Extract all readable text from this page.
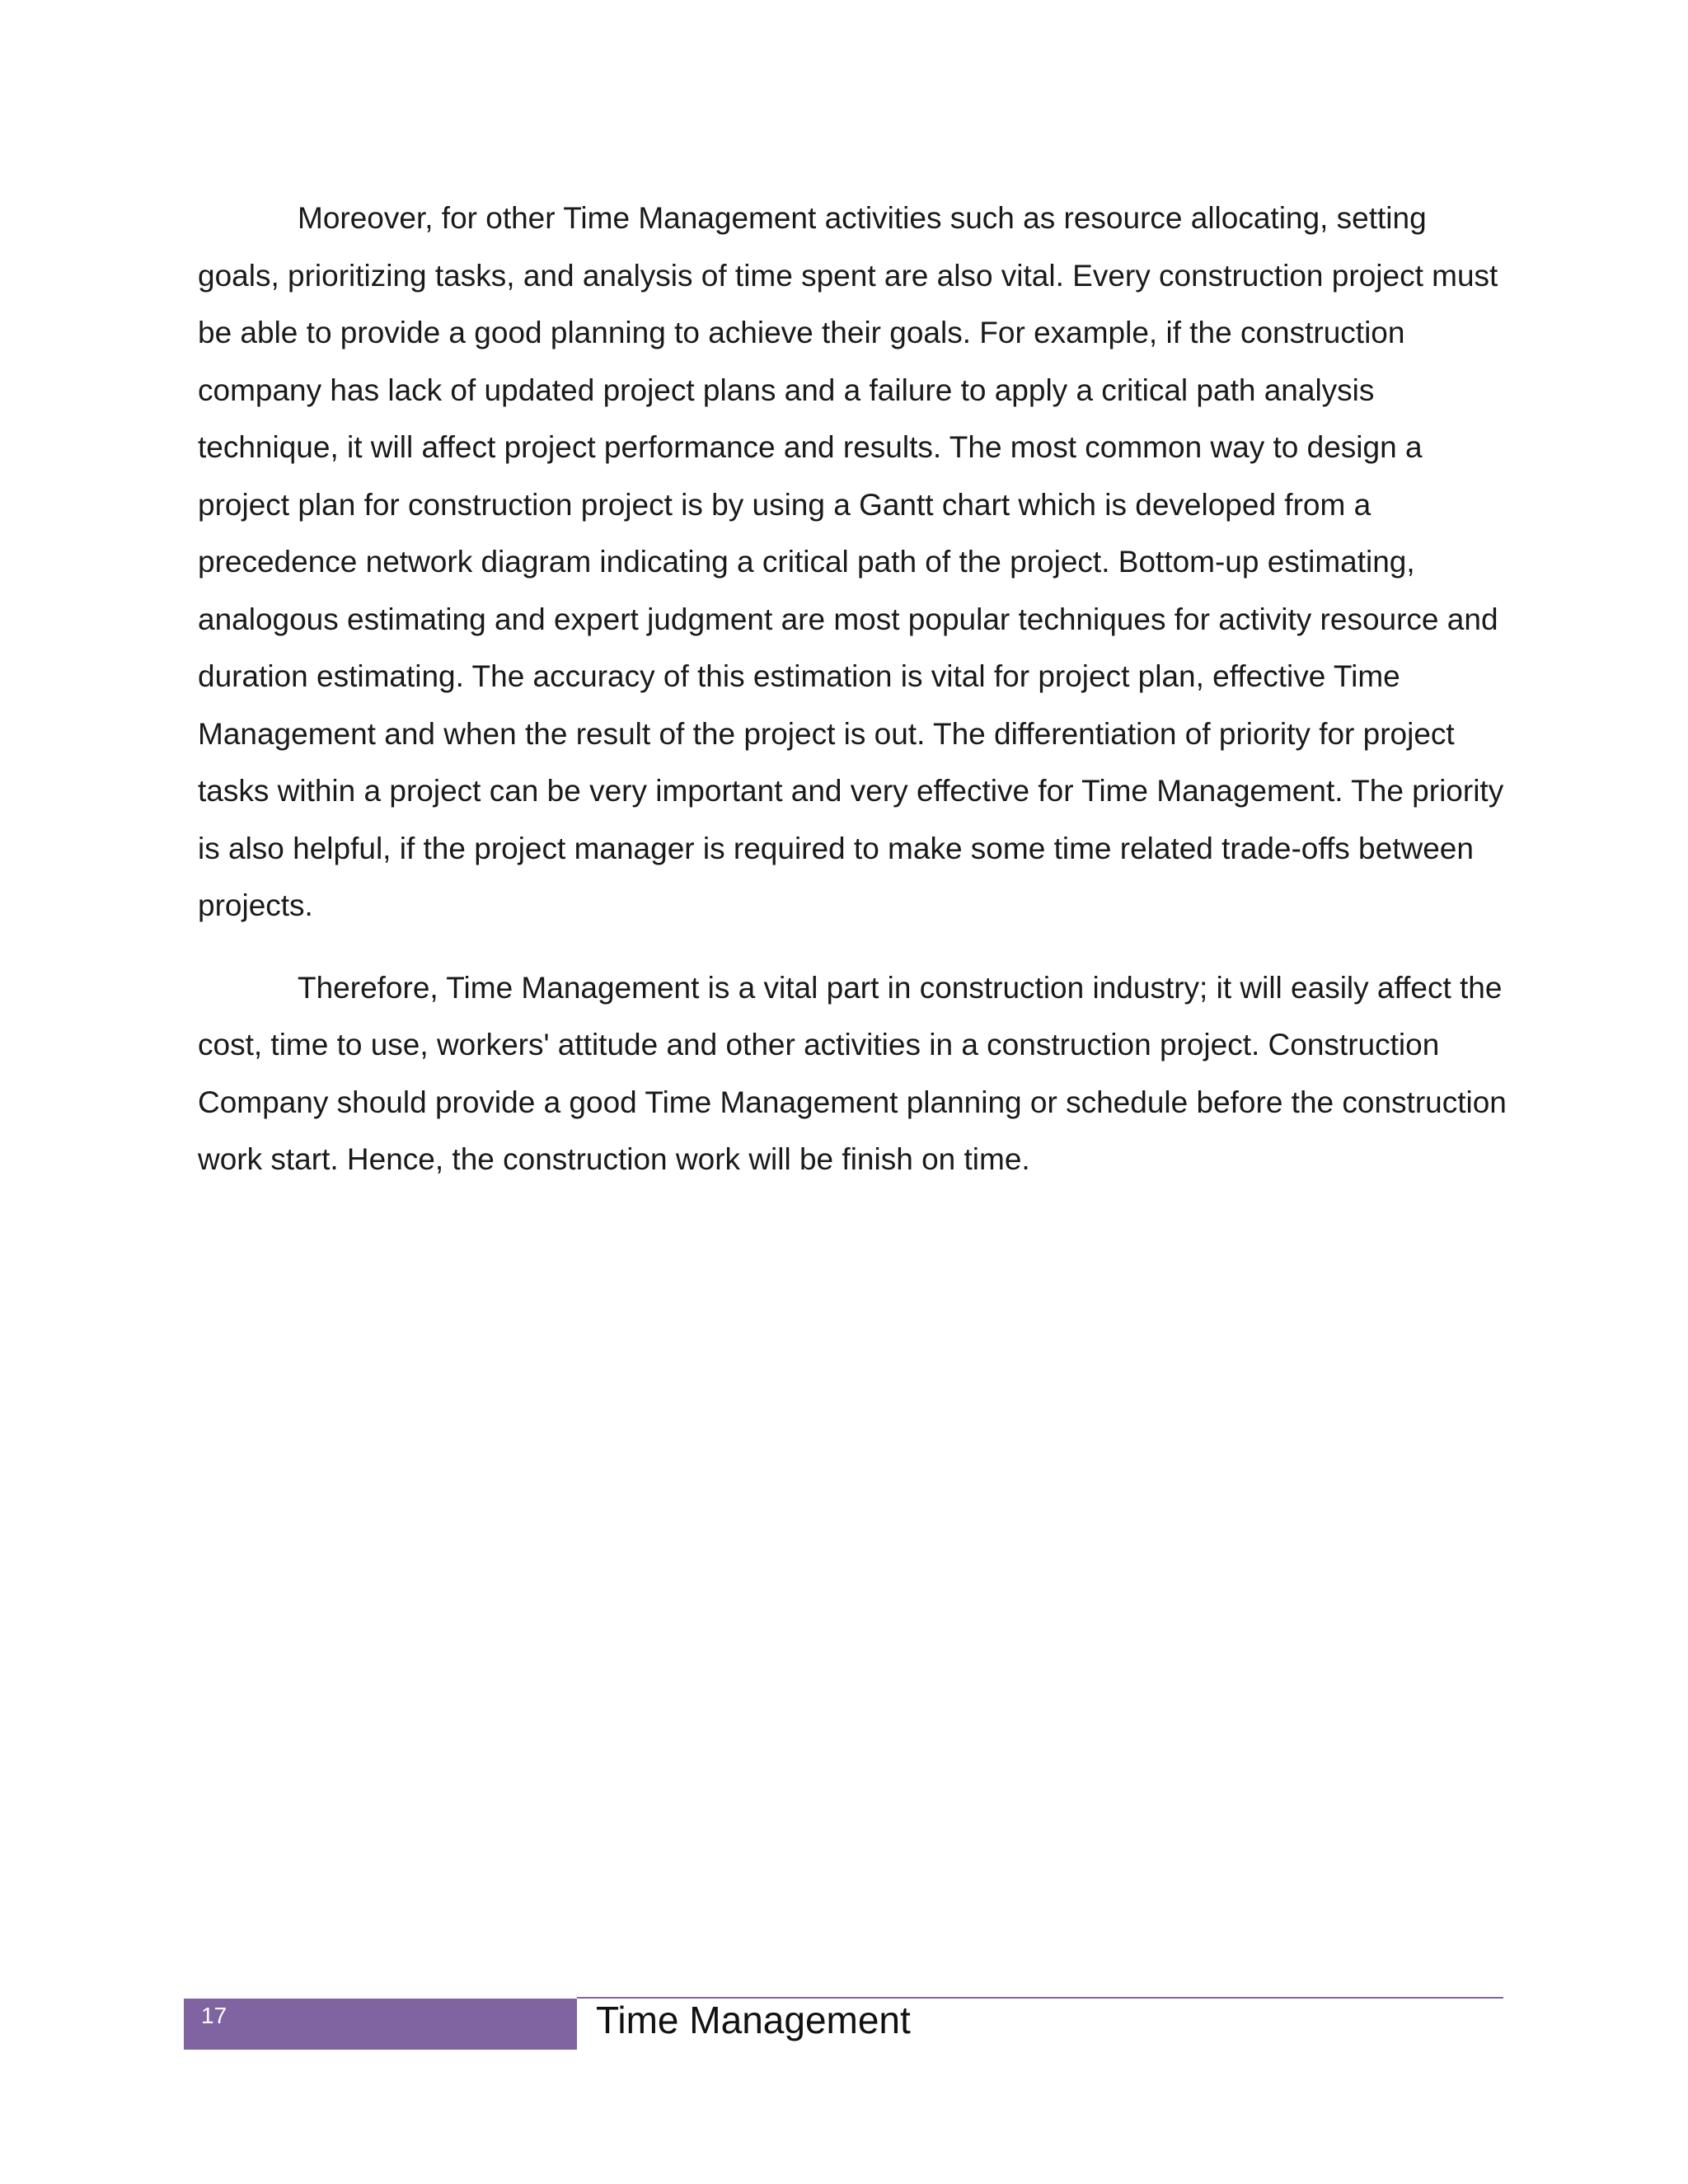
Moreover, for other Time Management activities such as resource allocating, setting goals, prioritizing tasks, and analysis of time spent are also vital. Every construction project must be able to provide a good planning to achieve their goals. For example, if the construction company has lack of updated project plans and a failure to apply a critical path analysis technique, it will affect project performance and results. The most common way to design a project plan for construction project is by using a Gantt chart which is developed from a precedence network diagram indicating a critical path of the project. Bottom-up estimating, analogous estimating and expert judgment are most popular techniques for activity resource and duration estimating. The accuracy of this estimation is vital for project plan, effective Time Management and when the result of the project is out. The differentiation of priority for project tasks within a project can be very important and very effective for Time Management. The priority is also helpful, if the project manager is required to make some time related trade-offs between projects.

Therefore, Time Management is a vital part in construction industry; it will easily affect the cost, time to use, workers' attitude and other activities in a construction project. Construction Company should provide a good Time Management planning or schedule before the construction work start. Hence, the construction work will be finish on time.

17	Time Management
